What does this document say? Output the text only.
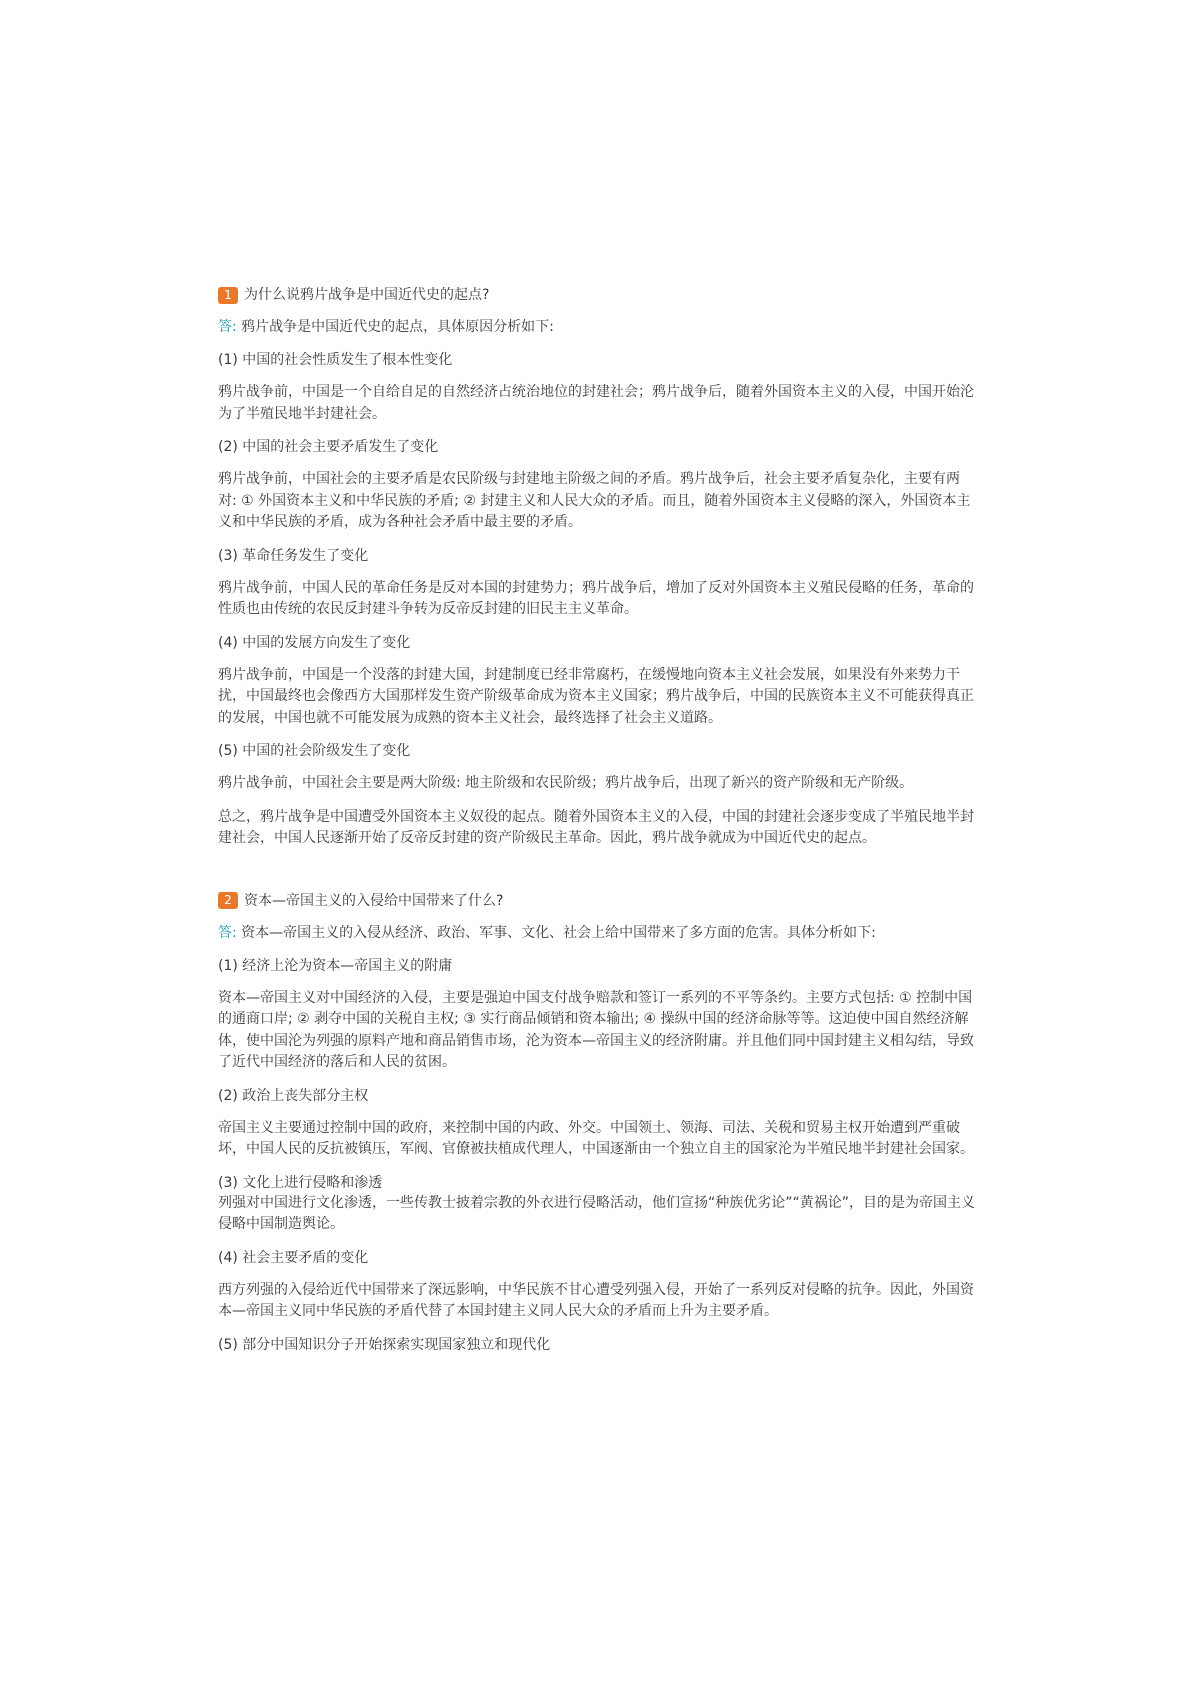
1 为什么说鸦片战争是中国近代史的起点?
答: 鸦片战争是中国近代史的起点，具体原因分析如下:
(1) 中国的社会性质发生了根本性变化
鸦片战争前，中国是一个自给自足的自然经济占统治地位的封建社会；鸦片战争后，随着外国资本主义的入侵，中国开始沦为了半殖民地半封建社会。
(2) 中国的社会主要矛盾发生了变化
鸦片战争前，中国社会的主要矛盾是农民阶级与封建地主阶级之间的矛盾。鸦片战争后，社会主要矛盾复杂化，主要有两对: ① 外国资本主义和中华民族的矛盾; ② 封建主义和人民大众的矛盾。而且，随着外国资本主义侵略的深入，外国资本主义和中华民族的矛盾，成为各种社会矛盾中最主要的矛盾。
(3) 革命任务发生了变化
鸦片战争前，中国人民的革命任务是反对本国的封建势力；鸦片战争后，增加了反对外国资本主义殖民侵略的任务，革命的性质也由传统的农民反封建斗争转为反帝反封建的旧民主主义革命。
(4) 中国的发展方向发生了变化
鸦片战争前，中国是一个没落的封建大国，封建制度已经非常腐朽，在缓慢地向资本主义社会发展，如果没有外来势力干扰，中国最终也会像西方大国那样发生资产阶级革命成为资本主义国家；鸦片战争后，中国的民族资本主义不可能获得真正的发展，中国也就不可能发展为成熟的资本主义社会，最终选择了社会主义道路。
(5) 中国的社会阶级发生了变化
鸦片战争前，中国社会主要是两大阶级: 地主阶级和农民阶级；鸦片战争后，出现了新兴的资产阶级和无产阶级。
总之，鸦片战争是中国遭受外国资本主义奴役的起点。随着外国资本主义的入侵，中国的封建社会逐步变成了半殖民地半封建社会，中国人民逐渐开始了反帝反封建的资产阶级民主革命。因此，鸦片战争就成为中国近代史的起点。
2 资本—帝国主义的入侵给中国带来了什么?
答: 资本—帝国主义的入侵从经济、政治、军事、文化、社会上给中国带来了多方面的危害。具体分析如下:
(1) 经济上沦为资本—帝国主义的附庸
资本—帝国主义对中国经济的入侵，主要是强迫中国支付战争赔款和签订一系列的不平等条约。主要方式包括: ① 控制中国的通商口岸; ② 剥夺中国的关税自主权; ③ 实行商品倾销和资本输出; ④ 操纵中国的经济命脉等等。这迫使中国自然经济解体，使中国沦为列强的原料产地和商品销售市场，沦为资本—帝国主义的经济附庸。并且他们同中国封建主义相勾结，导致了近代中国经济的落后和人民的贫困。
(2) 政治上丧失部分主权
帝国主义主要通过控制中国的政府，来控制中国的内政、外交。中国领土、领海、司法、关税和贸易主权开始遭到严重破坏，中国人民的反抗被镇压，军阀、官僚被扶植成代理人，中国逐渐由一个独立自主的国家沦为半殖民地半封建社会国家。
(3) 文化上进行侵略和渗透
列强对中国进行文化渗透，一些传教士披着宗教的外衣进行侵略活动，他们宣扬“种族优劣论”“黄祸论”，目的是为帝国主义侵略中国制造舆论。
(4) 社会主要矛盾的变化
西方列强的入侵给近代中国带来了深远影响，中华民族不甘心遭受列强入侵，开始了一系列反对侵略的抗争。因此，外国资本—帝国主义同中华民族的矛盾代替了本国封建主义同人民大众的矛盾而上升为主要矛盾。
(5) 部分中国知识分子开始探索实现国家独立和现代化
